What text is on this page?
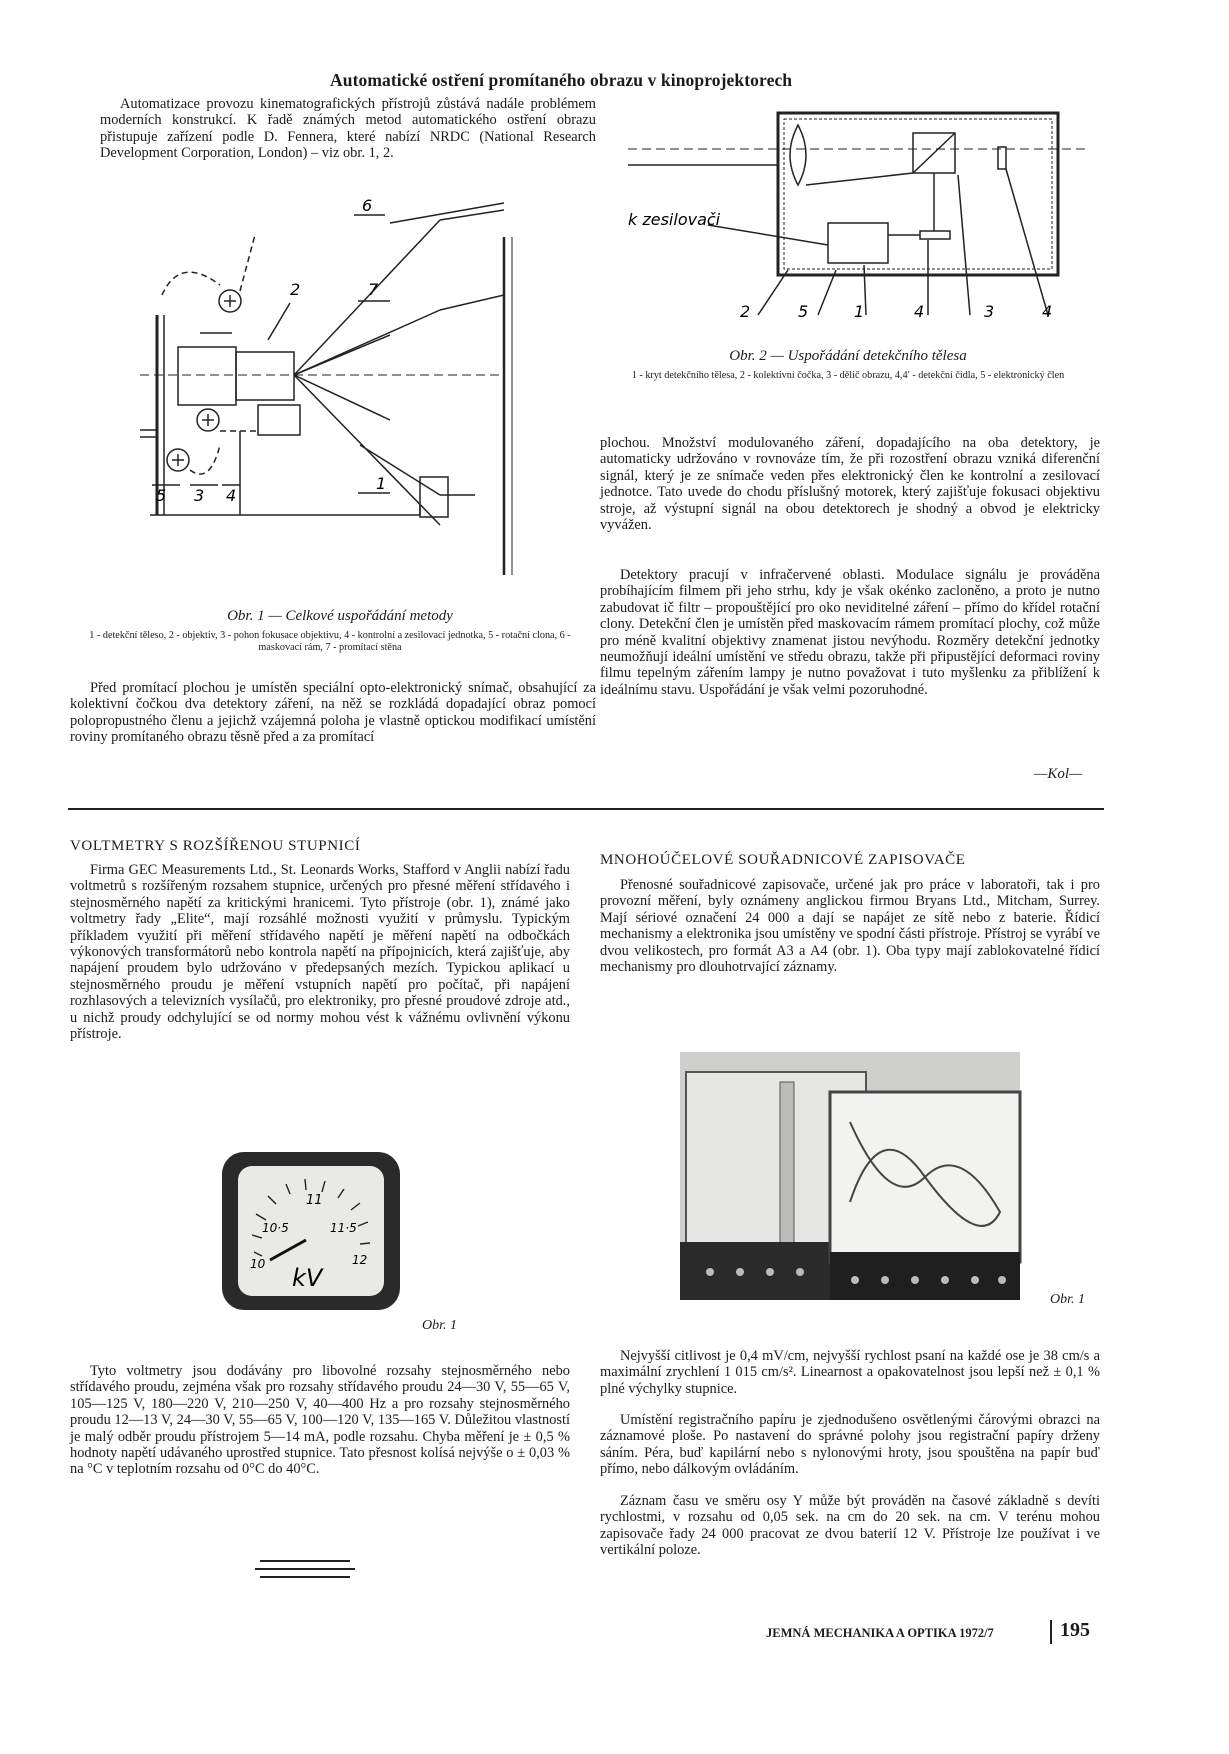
Automatické ostření promítaného obrazu v kinoprojektorech

Automatizace provozu kinematografických přístrojů zůstává nadále problémem moderních konstrukcí. K řadě známých metod automatického ostření obrazu přistupuje zařízení podle D. Fennera, které nabízí NRDC (National Research Development Corporation, London) – viz obr. 1, 2.

6
2	7
5 3 4
1
Obr. 1 — Celkové uspořádání metody
1 - detekční těleso, 2 - objektiv, 3 - pohon fokusace objektivu, 4 - kontrolní a zesilovací jednotka, 5 - rotační clona, 6 - maskovací rám, 7 - promítací stěna

Před promítací plochou je umístěn speciální opto-elektronický snímač, obsahující za kolektivní čočkou dva detektory záření, na něž se rozkládá dopadající obraz pomocí polopropustného členu a jejichž vzájemná poloha je vlastně optickou modifikací umístění roviny promítaného obrazu těsně před a za promítací

k zesilovači
2	5	1	4	3	4
Obr. 2 — Uspořádání detekčního tělesa
1 - kryt detekčního tělesa, 2 - kolektivní čočka, 3 - dělič obrazu, 4,4′ - detekční čidla, 5 - elektronický člen

plochou. Množství modulovaného záření, dopadajícího na oba detektory, je automaticky udržováno v rovnováze tím, že při rozostření obrazu vzniká diferenční signál, který je ze snímače veden přes elektronický člen ke kontrolní a zesilovací jednotce. Tato uvede do chodu příslušný motorek, který zajišťuje fokusaci objektivu stroje, až výstupní signál na obou detektorech je shodný a obvod je elektricky vyvážen.

Detektory pracují v infračervené oblasti. Modulace signálu je prováděna probíhajícím filmem při jeho strhu, kdy je však okénko zacloněno, a proto je nutno zabudovat ič filtr – propouštějící pro oko neviditelné záření – přímo do křídel rotační clony. Detekční člen je umístěn před maskovacím rámem promítací plochy, což může pro méně kvalitní objektivy znamenat jistou nevýhodu. Rozměry detekční jednotky neumožňují ideální umístění ve středu obrazu, takže při připustějící deformaci roviny filmu tepelným zářením lampy je nutno považovat i tuto myšlenku za přiblížení k ideálnímu stavu. Uspořádání je však velmi pozoruhodné.

—Kol—
VOLTMETRY S ROZŠÍŘENOU STUPNICÍ

Firma GEC Measurements Ltd., St. Leonards Works, Stafford v Anglii nabízí řadu voltmetrů s rozšířeným rozsahem stupnice, určených pro přesné měření střídavého i stejnosměrného napětí za kritickými hranicemi. Tyto přístroje (obr. 1), známé jako voltmetry řady „Elite“, mají rozsáhlé možnosti využití v průmyslu. Typickým příkladem využití při měření střídavého napětí je měření napětí na odbočkách výkonových transformátorů nebo kontrola napětí na přípojnicích, která zajišťuje, aby napájení proudem bylo udržováno v předepsaných mezích. Typickou aplikací u stejnosměrného proudu je měření vstupních napětí pro počítač, při napájení rozhlasových a televizních vysílačů, pro elektroniky, pro přesné proudové zdroje atd., u nichž proudy odchylující se od normy mohou vést k vážnému ovlivnění výkonu přístroje.

11
10·5	11·5
10	12
kV
Obr. 1

Tyto voltmetry jsou dodávány pro libovolné rozsahy stejnosměrného nebo střídavého proudu, zejména však pro rozsahy střídavého proudu 24—30 V, 55—65 V, 105—125 V, 180—220 V, 210—250 V, 40—400 Hz a pro rozsahy stejnosměrného proudu 12—13 V, 24—30 V, 55—65 V, 100—120 V, 135—165 V. Důležitou vlastností je malý odběr proudu přístrojem 5—14 mA, podle rozsahu. Chyba měření je ± 0,5 % hodnoty napětí udávaného uprostřed stupnice. Tato přesnost kolísá nejvýše o ± 0,03 % na °C v teplotním rozsahu od 0°C do 40°C.

MNOHOÚČELOVÉ SOUŘADNICOVÉ ZAPISOVAČE

Přenosné souřadnicové zapisovače, určené jak pro práce v laboratoři, tak i pro provozní měření, byly oznámeny anglickou firmou Bryans Ltd., Mitcham, Surrey. Mají sériové označení 24 000 a dají se napájet ze sítě nebo z baterie. Řídicí mechanismy a elektronika jsou umístěny ve spodní části přístroje. Přístroj se vyrábí ve dvou velikostech, pro formát A3 a A4 (obr. 1). Oba typy mají zablokovatelné řídicí mechanismy pro dlouhotrvající záznamy.

Obr. 1

Nejvyšší citlivost je 0,4 mV/cm, nejvyšší rychlost psaní na každé ose je 38 cm/s a maximální zrychlení 1 015 cm/s². Linearnost a opakovatelnost jsou lepší než ± 0,1 % plné výchylky stupnice.

Umístění registračního papíru je zjednodušeno osvětlenými čárovými obrazci na záznamové ploše. Po nastavení do správné polohy jsou registrační papíry drženy sáním. Péra, buď kapilární nebo s nylonovými hroty, jsou spouštěna na papír buď přímo, nebo dálkovým ovládáním.

Záznam času ve směru osy Y může být prováděn na časové základně s devíti rychlostmi, v rozsahu od 0,05 sek. na cm do 20 sek. na cm. V terénu mohou zapisovače řady 24 000 pracovat ze dvou baterií 12 V. Přístroje lze používat i ve vertikální poloze.

JEMNÁ MECHANIKA A OPTIKA 1972/7	195
